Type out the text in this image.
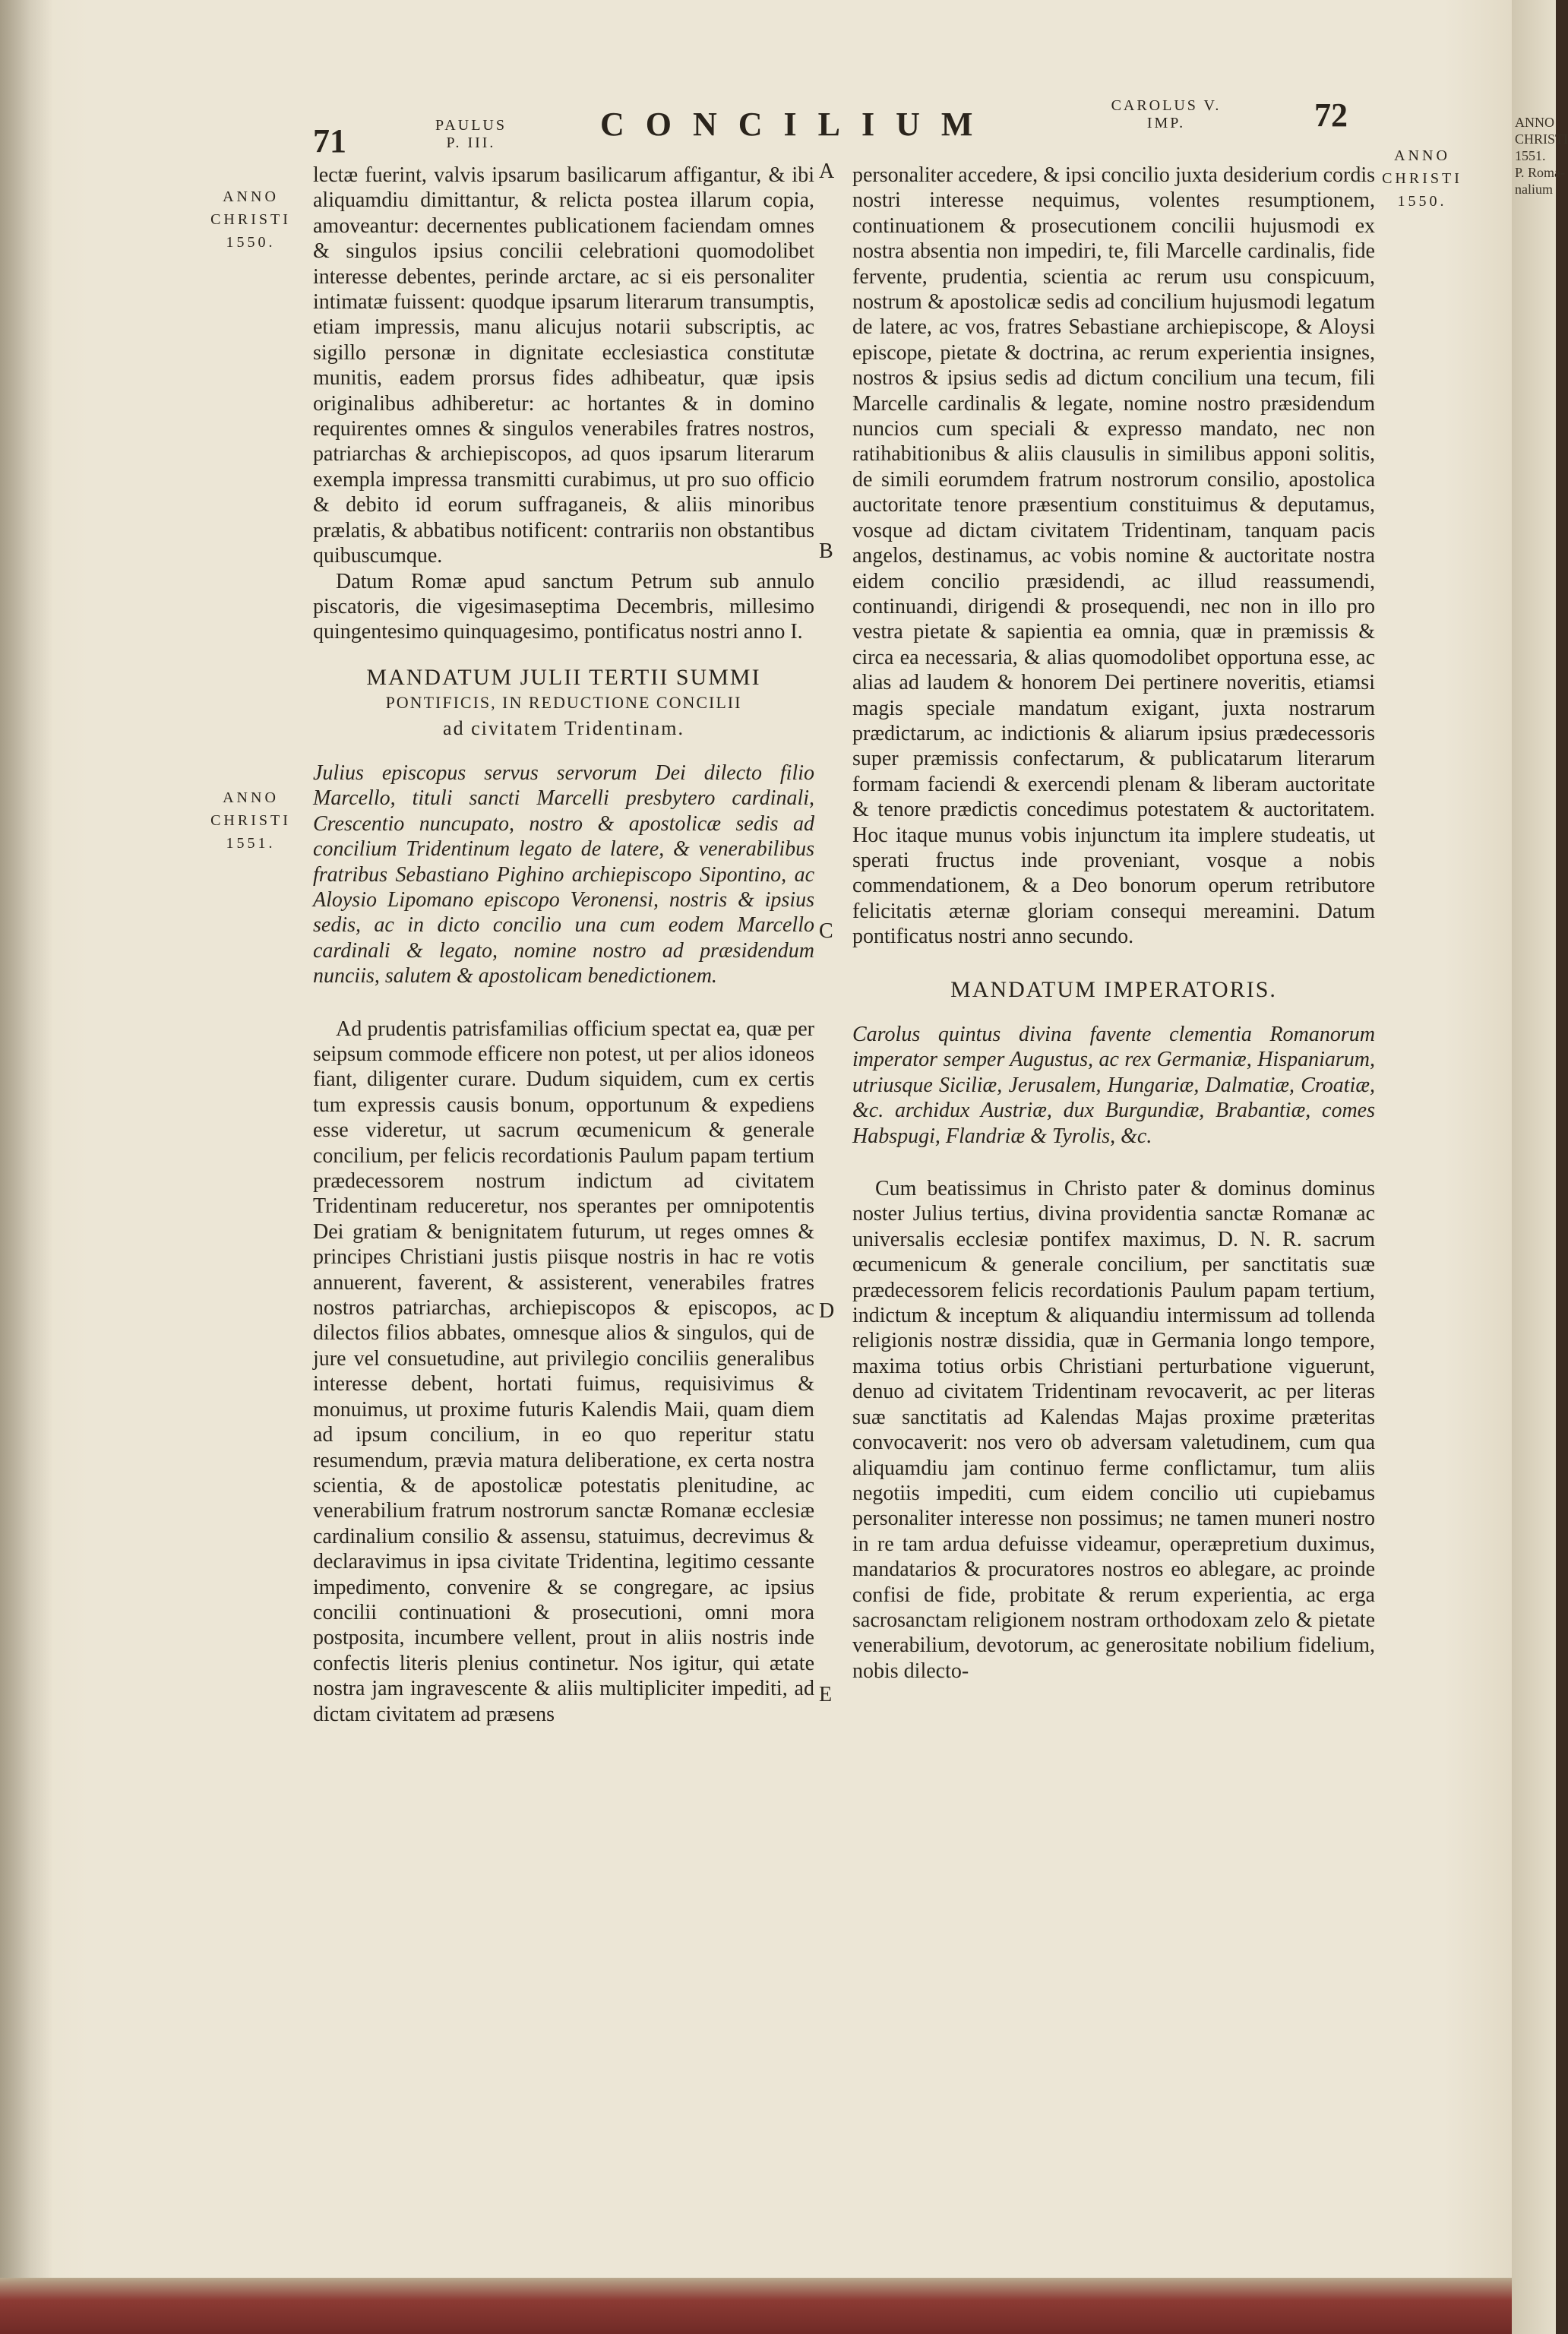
71	PAULUS
P. III.	CONCILIUM	CAROLUS V.
IMP.	72
ANNO
CHRISTI
1550.
ANNO
CHRISTI
1551.
ANNO
CHRISTI
1550.
A
B
C
D
E

lectæ fuerint, valvis ipsarum basilicarum affigantur, & ibi aliquamdiu dimittantur, & relicta postea illarum copia, amoveantur: decernentes publicationem faciendam omnes & singulos ipsius concilii celebrationi quomodolibet interesse debentes, perinde arctare, ac si eis personaliter intimatæ fuissent: quodque ipsarum literarum transumptis, etiam impressis, manu alicujus notarii subscriptis, ac sigillo personæ in dignitate ecclesiastica constitutæ munitis, eadem prorsus fides adhibeatur, quæ ipsis originalibus adhiberetur: ac hortantes & in domino requirentes omnes & singulos venerabiles fratres nostros, patriarchas & archiepiscopos, ad quos ipsarum literarum exempla impressa transmitti curabimus, ut pro suo officio & debito id eorum suffraganeis, & aliis minoribus prælatis, & abbatibus notificent: contrariis non obstantibus quibuscumque.

Datum Romæ apud sanctum Petrum sub annulo piscatoris, die vigesimaseptima Decembris, millesimo quingentesimo quinquagesimo, pontificatus nostri anno I.

MANDATUM JULII TERTII SUMMI

PONTIFICIS, IN REDUCTIONE CONCILII

ad civitatem Tridentinam.

Julius episcopus servus servorum Dei dilecto filio Marcello, tituli sancti Marcelli presbytero cardinali, Crescentio nuncupato, nostro & apostolicæ sedis ad concilium Tridentinum legato de latere, & venerabilibus fratribus Sebastiano Pighino archiepiscopo Sipontino, ac Aloysio Lipomano episcopo Veronensi, nostris & ipsius sedis, ac in dicto concilio una cum eodem Marcello cardinali & legato, nomine nostro ad præsidendum nunciis, salutem & apostolicam benedictionem.

Ad prudentis patrisfamilias officium spectat ea, quæ per seipsum commode efficere non potest, ut per alios idoneos fiant, diligenter curare. Dudum siquidem, cum ex certis tum expressis causis bonum, opportunum & expediens esse videretur, ut sacrum œcumenicum & generale concilium, per felicis recordationis Paulum papam tertium prædecessorem nostrum indictum ad civitatem Tridentinam reduceretur, nos sperantes per omnipotentis Dei gratiam & benignitatem futurum, ut reges omnes & principes Christiani justis piisque nostris in hac re votis annuerent, faverent, & assisterent, venerabiles fratres nostros patriarchas, archiepiscopos & episcopos, ac dilectos filios abbates, omnesque alios & singulos, qui de jure vel consuetudine, aut privilegio conciliis generalibus interesse debent, hortati fuimus, requisivimus & monuimus, ut proxime futuris Kalendis Maii, quam diem ad ipsum concilium, in eo quo reperitur statu resumendum, prævia matura deliberatione, ex certa nostra scientia, & de apostolicæ potestatis plenitudine, ac venerabilium fratrum nostrorum sanctæ Romanæ ecclesiæ cardinalium consilio & assensu, statuimus, decrevimus & declaravimus in ipsa civitate Tridentina, legitimo cessante impedimento, convenire & se congregare, ac ipsius concilii continuationi & prosecutioni, omni mora postposita, incumbere vellent, prout in aliis nostris inde confectis literis plenius continetur. Nos igitur, qui ætate nostra jam ingravescente & aliis multipliciter impediti, ad dictam civitatem ad præsens

personaliter accedere, & ipsi concilio juxta desiderium cordis nostri interesse nequimus, volentes resumptionem, continuationem & prosecutionem concilii hujusmodi ex nostra absentia non impediri, te, fili Marcelle cardinalis, fide fervente, prudentia, scientia ac rerum usu conspicuum, nostrum & apostolicæ sedis ad concilium hujusmodi legatum de latere, ac vos, fratres Sebastiane archiepiscope, & Aloysi episcope, pietate & doctrina, ac rerum experientia insignes, nostros & ipsius sedis ad dictum concilium una tecum, fili Marcelle cardinalis & legate, nomine nostro præsidendum nuncios cum speciali & expresso mandato, nec non ratihabitionibus & aliis clausulis in similibus apponi solitis, de simili eorumdem fratrum nostrorum consilio, apostolica auctoritate tenore præsentium constituimus & deputamus, vosque ad dictam civitatem Tridentinam, tanquam pacis angelos, destinamus, ac vobis nomine & auctoritate nostra eidem concilio præsidendi, ac illud reassumendi, continuandi, dirigendi & prosequendi, nec non in illo pro vestra pietate & sapientia ea omnia, quæ in præmissis & circa ea necessaria, & alias quomodolibet opportuna esse, ac alias ad laudem & honorem Dei pertinere noveritis, etiamsi magis speciale mandatum exigant, juxta nostrarum prædictarum, ac indictionis & aliarum ipsius prædecessoris super præmissis confectarum, & publicatarum literarum formam faciendi & exercendi plenam & liberam auctoritate & tenore prædictis concedimus potestatem & auctoritatem. Hoc itaque munus vobis injunctum ita implere studeatis, ut sperati fructus inde proveniant, vosque a nobis commendationem, & a Deo bonorum operum retributore felicitatis æternæ gloriam consequi mereamini. Datum pontificatus nostri anno secundo.

MANDATUM IMPERATORIS.

Carolus quintus divina favente clementia Romanorum imperator semper Augustus, ac rex Germaniæ, Hispaniarum, utriusque Siciliæ, Jerusalem, Hungariæ, Dalmatiæ, Croatiæ, &c. archidux Austriæ, dux Burgundiæ, Brabantiæ, comes Habspugi, Flandriæ & Tyrolis, &c.

Cum beatissimus in Christo pater & dominus dominus noster Julius tertius, divina providentia sanctæ Romanæ ac universalis ecclesiæ pontifex maximus, D. N. R. sacrum œcumenicum & generale concilium, per sanctitatis suæ prædecessorem felicis recordationis Paulum papam tertium, indictum & inceptum & aliquandiu intermissum ad tollenda religionis nostræ dissidia, quæ in Germania longo tempore, maxima totius orbis Christiani perturbatione viguerunt, denuo ad civitatem Tridentinam revocaverit, ac per literas suæ sanctitatis ad Kalendas Majas proxime præteritas convocaverit: nos vero ob adversam valetudinem, cum qua aliquamdiu jam continuo ferme conflictamur, tum aliis negotiis impediti, cum eidem concilio uti cupiebamus personaliter interesse non possimus; ne tamen muneri nostro in re tam ardua defuisse videamur, operæpretium duximus, mandatarios & procuratores nostros eo ablegare, ac proinde confisi de fide, probitate & rerum experientia, ac erga sacrosanctam religionem nostram orthodoxam zelo & pietate venerabilium, devotorum, ac generositate nobilium fidelium, nobis dilecto-

ANNO
CHRISTI
1551.
P. Roma-
nalium
